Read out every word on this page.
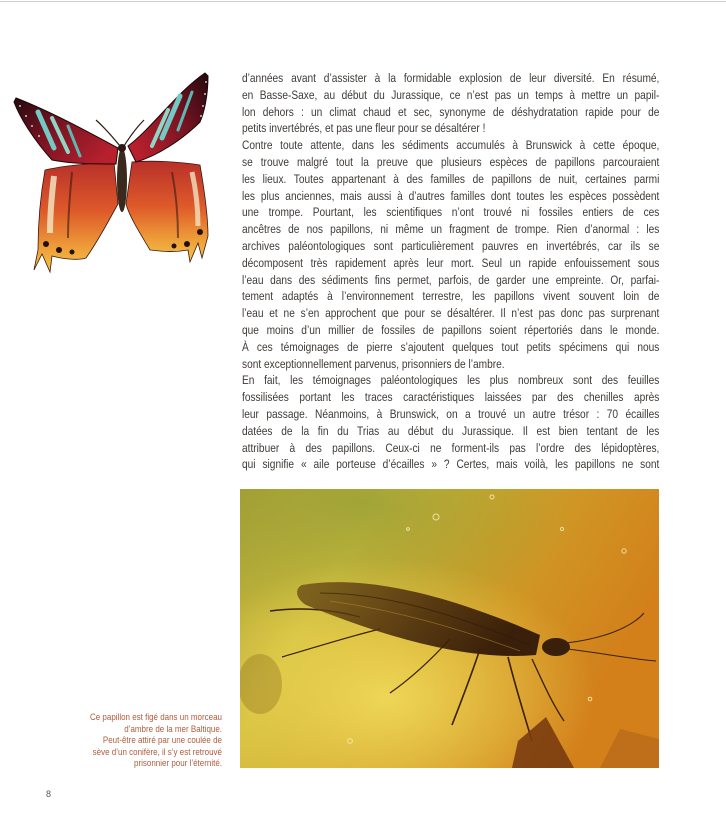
d’années avant d’assister à la formidable explosion de leur diversité. En résumé,
en Basse-Saxe, au début du Jurassique, ce n’est pas un temps à mettre un papil-
lon dehors : un climat chaud et sec, synonyme de déshydratation rapide pour de
petits invertébrés, et pas une fleur pour se désaltérer !
Contre toute attente, dans les sédiments accumulés à Brunswick à cette époque,
se trouve malgré tout la preuve que plusieurs espèces de papillons parcouraient
les lieux. Toutes appartenant à des familles de papillons de nuit, certaines parmi
les plus anciennes, mais aussi à d’autres familles dont toutes les espèces possèdent
une trompe. Pourtant, les scientifiques n’ont trouvé ni fossiles entiers de ces
ancêtres de nos papillons, ni même un fragment de trompe. Rien d’anormal : les
archives paléontologiques sont particulièrement pauvres en invertébrés, car ils se
décomposent très rapidement après leur mort. Seul un rapide enfouissement sous
l’eau dans des sédiments fins permet, parfois, de garder une empreinte. Or, parfai-
tement adaptés à l’environnement terrestre, les papillons vivent souvent loin de
l’eau et ne s’en approchent que pour se désaltérer. Il n’est pas donc pas surprenant
que moins d’un millier de fossiles de papillons soient répertoriés dans le monde.
À ces témoignages de pierre s’ajoutent quelques tout petits spécimens qui nous
sont exceptionnellement parvenus, prisonniers de l’ambre.
En fait, les témoignages paléontologiques les plus nombreux sont des feuilles
fossilisées portant les traces caractéristiques laissées par des chenilles après
leur passage. Néanmoins, à Brunswick, on a trouvé un autre trésor : 70 écailles
datées de la fin du Trias au début du Jurassique. Il est bien tentant de les
attribuer à des papillons. Ceux-ci ne forment-ils pas l’ordre des lépidoptères,
qui signifie « aile porteuse d’écailles » ? Certes, mais voilà, les papillons ne sont
Ce papillon est figé dans un morceau
d’ambre de la mer Baltique.
Peut-être attiré par une coulée de
sève d’un conifère, il s’y est retrouvé
prisonnier pour l’éternité.
8
